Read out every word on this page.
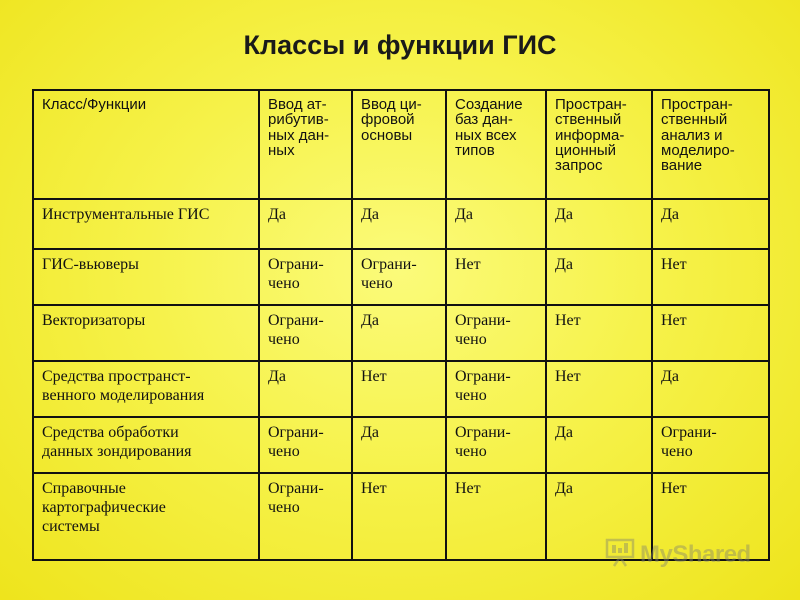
Классы и функции ГИС
Класс/Функции	Ввод ат-
рибутив-
ных дан-
ных	Ввод ци-
фровой
основы	Создание
баз дан-
ных всех
типов	Простран-
ственный
информа-
ционный
запрос	Простран-
ственный
анализ и
моделиро-
вание
Инструментальные ГИС	Да	Да	Да	Да	Да
ГИС-вьюверы	Ограни-
чено	Ограни-
чено	Нет	Да	Нет
Векторизаторы	Ограни-
чено	Да	Ограни-
чено	Нет	Нет
Средства пространст-
венного моделирования	Да	Нет	Ограни-
чено	Нет	Да
Средства обработки
данных зондирования	Ограни-
чено	Да	Ограни-
чено	Да	Ограни-
чено
Справочные
картографические
системы	Ограни-
чено	Нет	Нет	Да	Нет
MyShared
